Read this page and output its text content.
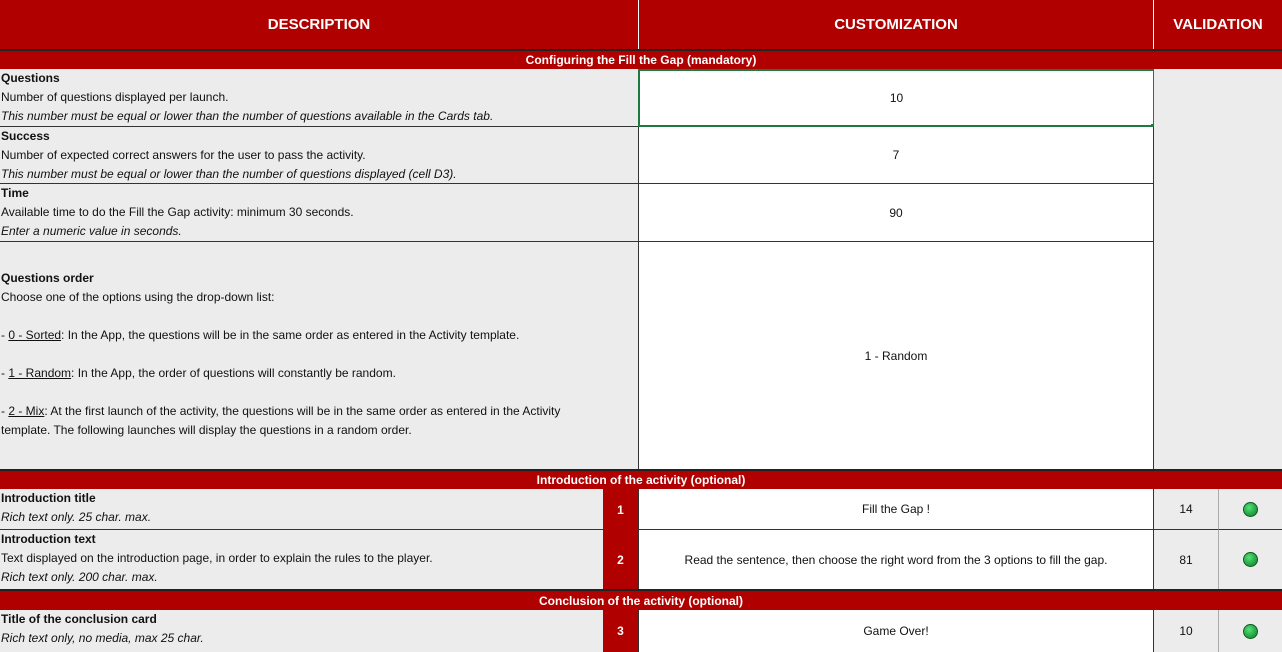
DESCRIPTION	CUSTOMIZATION	VALIDATION
Configuring the Fill the Gap (mandatory)
Questions
Number of questions displayed per launch.
This number must be equal or lower than the number of questions available in the Cards tab.
10
Success
Number of expected correct answers for the user to pass the activity.
This number must be equal or lower than the number of questions displayed (cell D3).
7
Time
Available time to do the Fill the Gap activity: minimum 30 seconds.
Enter a numeric value in seconds.
90
Questions order
Choose one of the options using the drop-down list:
- 0 - Sorted: In the App, the questions will be in the same order as entered in the Activity template.
- 1 - Random: In the App, the order of questions will constantly be random.
- 2 - Mix: At the first launch of the activity, the questions will be in the same order as entered in the Activity
template. The following launches will display the questions in a random order.
1 - Random
Introduction of the activity (optional)
Introduction title
Rich text only. 25 char. max.
1	Fill the Gap !	14
Introduction text
Text displayed on the introduction page, in order to explain the rules to the player.
Rich text only. 200 char. max.
2	Read the sentence, then choose the right word from the 3 options to fill the gap.	81
Conclusion of the activity (optional)
Title of the conclusion card
Rich text only, no media, max 25 char.	3	Game Over!	10
